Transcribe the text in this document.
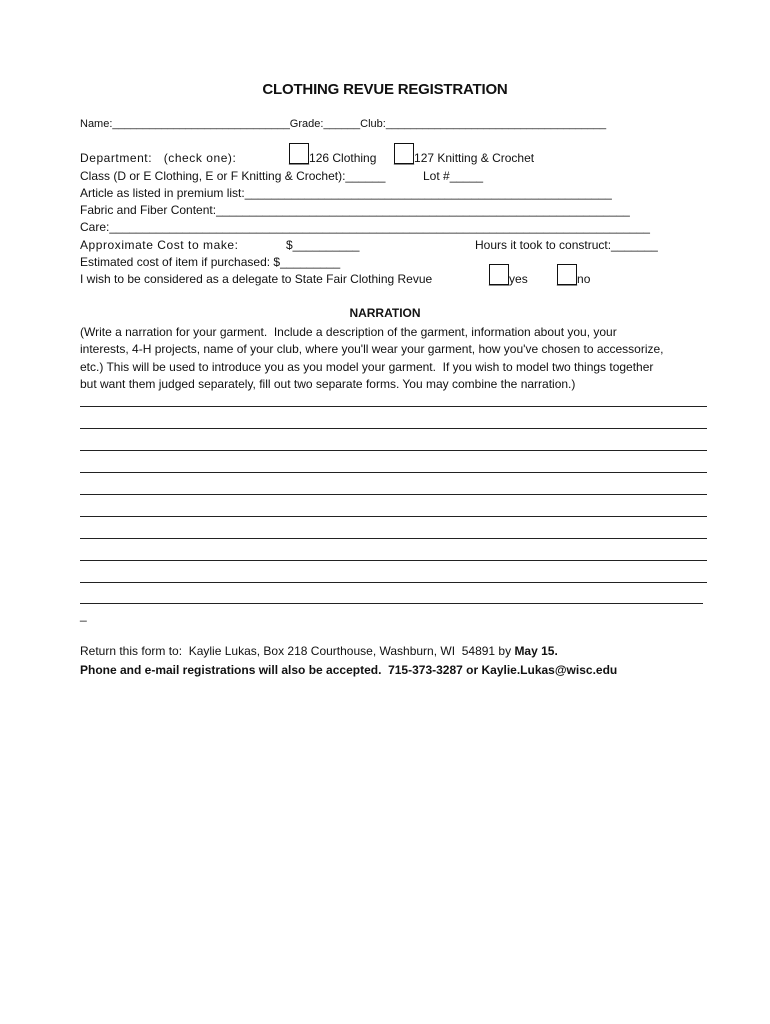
CLOTHING REVUE REGISTRATION
Name:_____________________________Grade:______Club:____________________________________
Department:   (check one):	___126 Clothing ___127 Knitting & Crochet
Class (D or E Clothing, E or F Knitting & Crochet):______	Lot #_____
Article as listed in premium list:_______________________________________________________
Fabric and Fiber Content:______________________________________________________________
Care:_________________________________________________________________________________
Approximate Cost to make:	$__________	Hours it took to construct:_______
Estimated cost of item if purchased: $_________
I wish to be considered as a delegate to State Fair Clothing Revue	___yes ___no
NARRATION
(Write a narration for your garment.  Include a description of the garment, information about you, your
interests, 4-H projects, name of your club, where you'll wear your garment, how you've chosen to accessorize,
etc.) This will be used to introduce you as you model your garment.  If you wish to model two things together
but want them judged separately, fill out two separate forms. You may combine the narration.)
_
Return this form to:  Kaylie Lukas, Box 218 Courthouse, Washburn, WI  54891 by May 15.
Phone and e-mail registrations will also be accepted.  715-373-3287 or Kaylie.Lukas@wisc.edu
